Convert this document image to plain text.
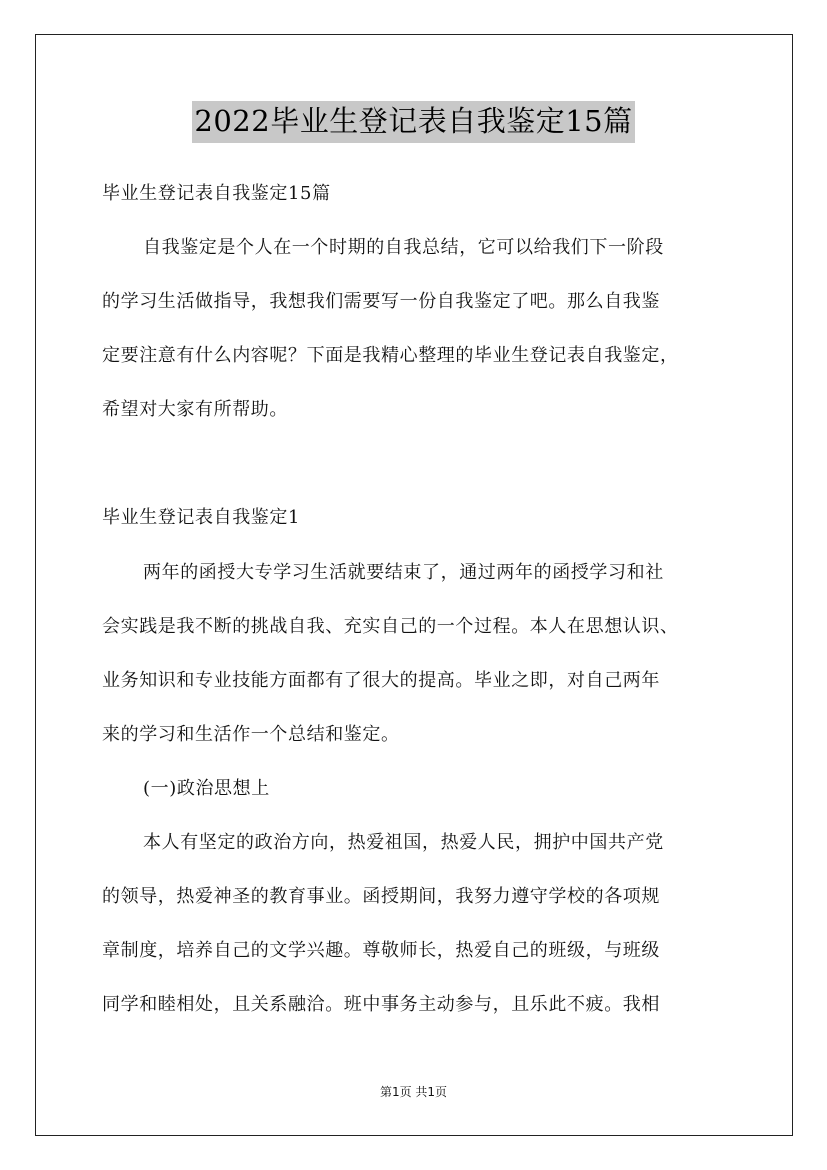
2022毕业生登记表自我鉴定15篇
毕业生登记表自我鉴定15篇
自我鉴定是个人在一个时期的自我总结，它可以给我们下一阶段
的学习生活做指导，我想我们需要写一份自我鉴定了吧。那么自我鉴
定要注意有什么内容呢？下面是我精心整理的毕业生登记表自我鉴定，
希望对大家有所帮助。
毕业生登记表自我鉴定1
两年的函授大专学习生活就要结束了，通过两年的函授学习和社
会实践是我不断的挑战自我、充实自己的一个过程。本人在思想认识、
业务知识和专业技能方面都有了很大的提高。毕业之即，对自己两年
来的学习和生活作一个总结和鉴定。
(一)政治思想上
本人有坚定的政治方向，热爱祖国，热爱人民，拥护中国共产党
的领导，热爱神圣的教育事业。函授期间，我努力遵守学校的各项规
章制度，培养自己的文学兴趣。尊敬师长，热爱自己的班级，与班级
同学和睦相处，且关系融洽。班中事务主动参与，且乐此不疲。我相
第1页 共1页
